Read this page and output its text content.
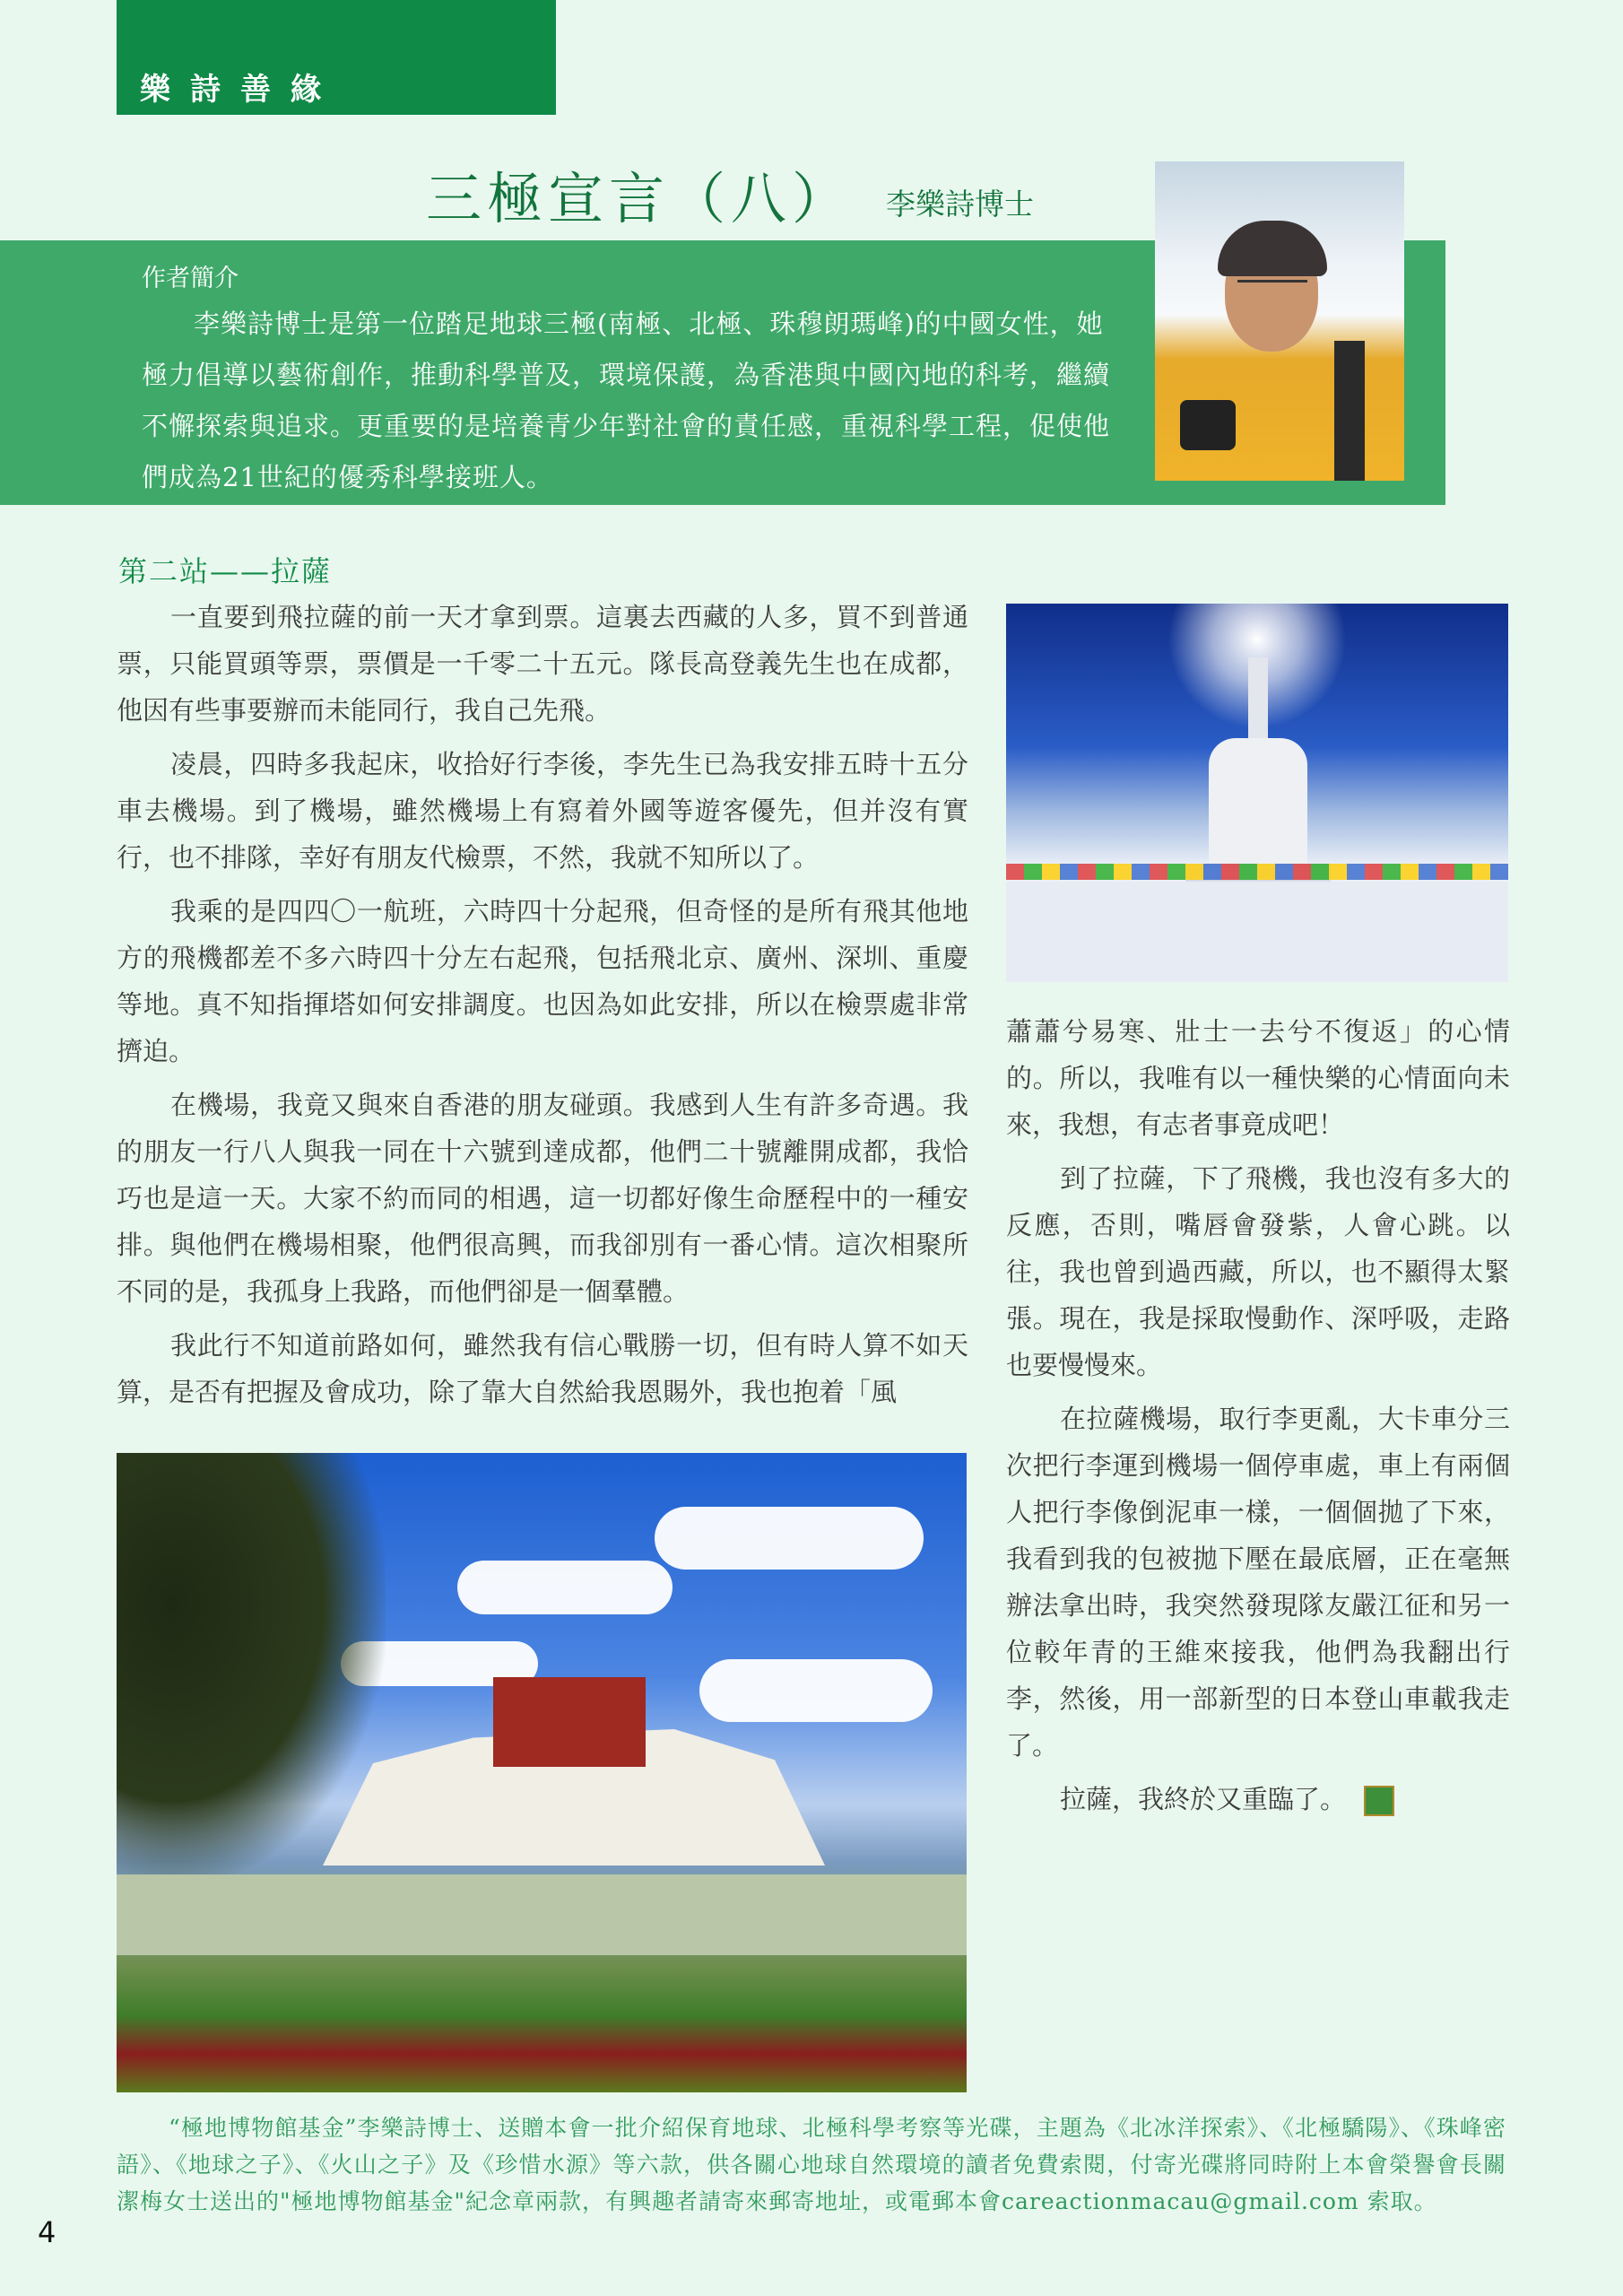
樂詩善緣
三極宣言（八） 李樂詩博士
作者簡介

李樂詩博士是第一位踏足地球三極(南極、北極、珠穆朗瑪峰)的中國女性，她極力倡導以藝術創作，推動科學普及，環境保護，為香港與中國內地的科考，繼續不懈探索與追求。更重要的是培養青少年對社會的責任感，重視科學工程，促使他們成為21世紀的優秀科學接班人。

第二站——拉薩

一直要到飛拉薩的前一天才拿到票。這裏去西藏的人多，買不到普通票，只能買頭等票，票價是一千零二十五元。隊長高登義先生也在成都，他因有些事要辦而未能同行，我自己先飛。

凌晨，四時多我起床，收拾好行李後，李先生已為我安排五時十五分車去機場。到了機場，雖然機場上有寫着外國等遊客優先，但并沒有實行，也不排隊，幸好有朋友代檢票，不然，我就不知所以了。

我乘的是四四〇一航班，六時四十分起飛，但奇怪的是所有飛其他地方的飛機都差不多六時四十分左右起飛，包括飛北京、廣州、深圳、重慶等地。真不知指揮塔如何安排調度。也因為如此安排，所以在檢票處非常擠迫。

在機場，我竟又與來自香港的朋友碰頭。我感到人生有許多奇遇。我的朋友一行八人與我一同在十六號到達成都，他們二十號離開成都，我恰巧也是這一天。大家不約而同的相遇，這一切都好像生命歷程中的一種安排。與他們在機場相聚，他們很高興，而我卻別有一番心情。這次相聚所不同的是，我孤身上我路，而他們卻是一個羣體。

我此行不知道前路如何，雖然我有信心戰勝一切，但有時人算不如天算，是否有把握及會成功，除了靠大自然給我恩賜外，我也抱着「風

蕭蕭兮易寒、壯士一去兮不復返」的心情的。所以，我唯有以一種快樂的心情面向未來，我想，有志者事竟成吧！

到了拉薩，下了飛機，我也沒有多大的反應，否則，嘴唇會發紫，人會心跳。以往，我也曾到過西藏，所以，也不顯得太緊張。現在，我是採取慢動作、深呼吸，走路也要慢慢來。

在拉薩機場，取行李更亂，大卡車分三次把行李運到機場一個停車處，車上有兩個人把行李像倒泥車一樣，一個個拋了下來，我看到我的包被拋下壓在最底層，正在毫無辦法拿出時，我突然發現隊友嚴江征和另一位較年青的王維來接我，他們為我翻出行李，然後，用一部新型的日本登山車載我走了。

拉薩，我終於又重臨了。

“極地博物館基金”李樂詩博士、送贈本會一批介紹保育地球、北極科學考察等光碟，主題為《北冰洋探索》、《北極驕陽》、《珠峰密語》、《地球之子》、《火山之子》及《珍惜水源》等六款，供各關心地球自然環境的讀者免費索閱，付寄光碟將同時附上本會榮譽會長關潔梅女士送出的"極地博物館基金"紀念章兩款，有興趣者請寄來郵寄地址，或電郵本會careactionmacau@gmail.com 索取。

4
